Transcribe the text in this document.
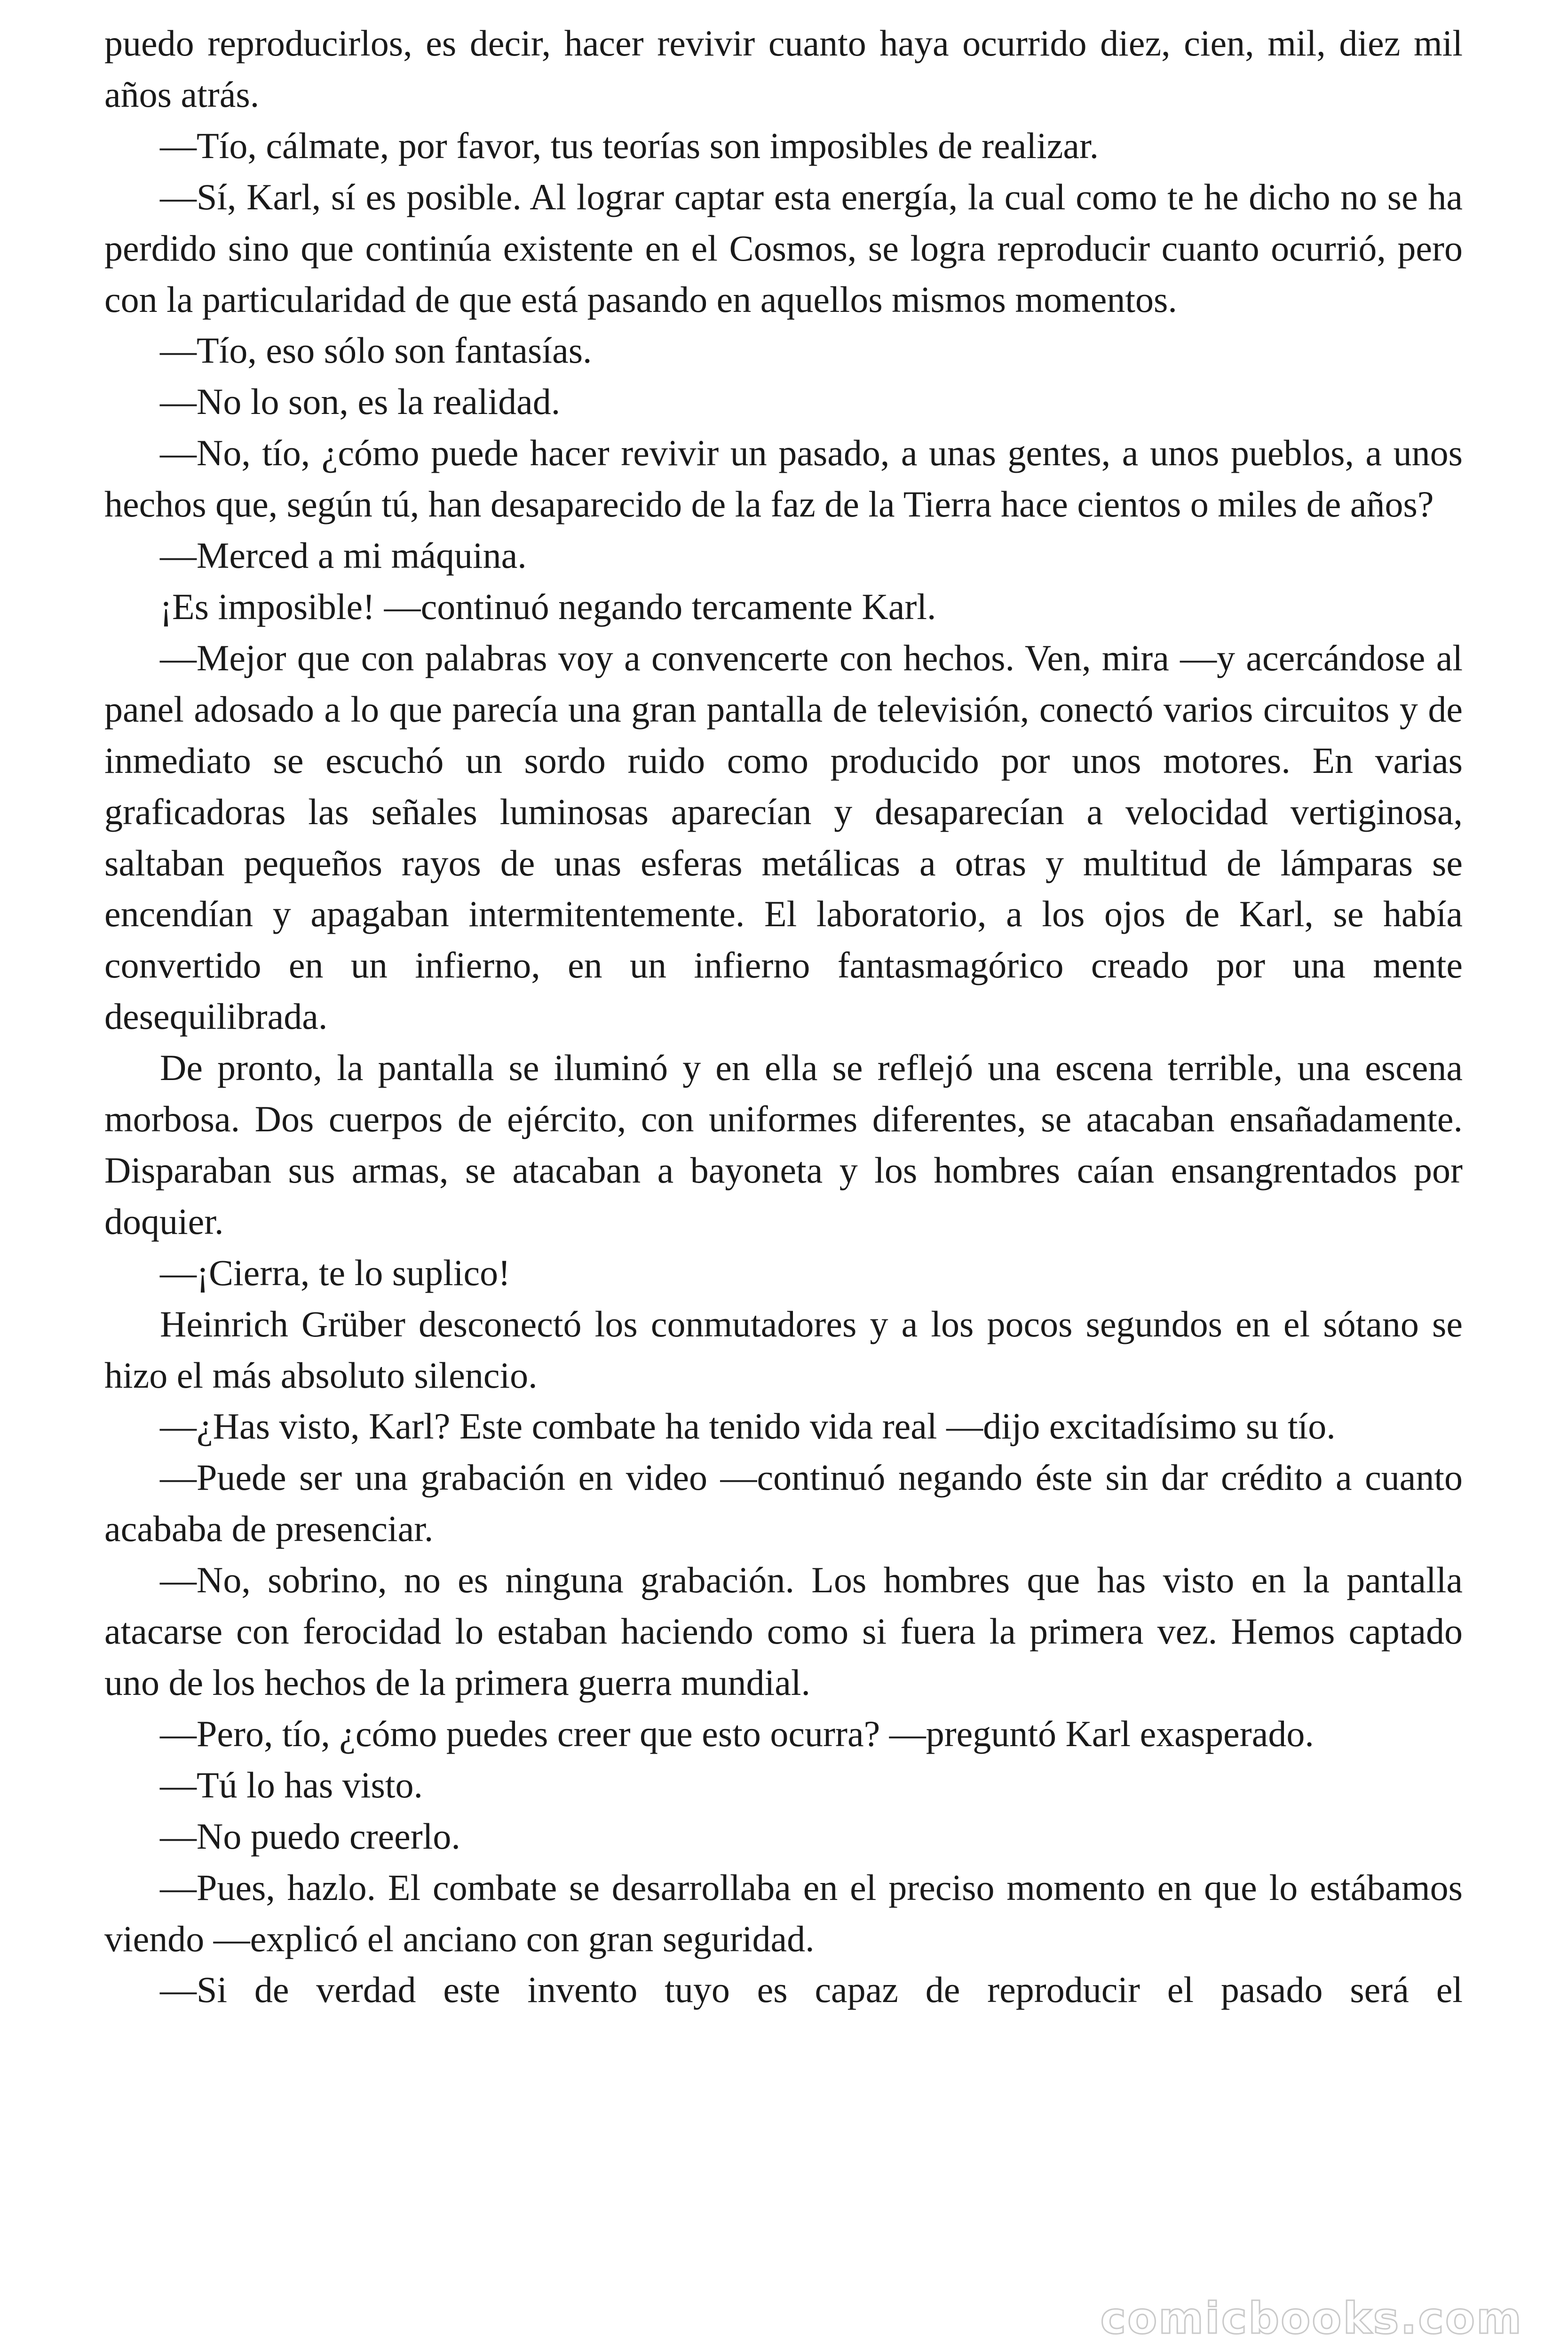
puedo reproducirlos, es decir, hacer revivir cuanto haya ocurrido diez, cien, mil, diez mil años atrás.

—Tío, cálmate, por favor, tus teorías son imposibles de realizar.

—Sí, Karl, sí es posible. Al lograr captar esta energía, la cual como te he dicho no se ha perdido sino que continúa existente en el Cosmos, se logra reproducir cuanto ocurrió, pero con la particularidad de que está pasando en aquellos mismos momentos.

—Tío, eso sólo son fantasías.

—No lo son, es la realidad.

—No, tío, ¿cómo puede hacer revivir un pasado, a unas gentes, a unos pueblos, a unos hechos que, según tú, han desaparecido de la faz de la Tierra hace cientos o miles de años?

—Merced a mi máquina.

¡Es imposible! —continuó negando tercamente Karl.

—Mejor que con palabras voy a convencerte con hechos. Ven, mira —y acercándose al panel adosado a lo que parecía una gran pantalla de televisión, conectó varios circuitos y de inmediato se escuchó un sordo ruido como producido por unos motores. En varias graficadoras las señales luminosas aparecían y desaparecían a velocidad vertiginosa, saltaban pequeños rayos de unas esferas metálicas a otras y multitud de lámparas se encendían y apagaban intermitentemente. El laboratorio, a los ojos de Karl, se había convertido en un infierno, en un infierno fantasmagórico creado por una mente desequilibrada.

De pronto, la pantalla se iluminó y en ella se reflejó una escena terrible, una escena morbosa. Dos cuerpos de ejército, con uniformes diferentes, se atacaban ensañadamente. Disparaban sus armas, se atacaban a bayoneta y los hombres caían ensangrentados por doquier.

—¡Cierra, te lo suplico!

Heinrich Grüber desconectó los conmutadores y a los pocos segundos en el sótano se hizo el más absoluto silencio.

—¿Has visto, Karl? Este combate ha tenido vida real —dijo excitadísimo su tío.

—Puede ser una grabación en video —continuó negando éste sin dar crédito a cuanto acababa de presenciar.

—No, sobrino, no es ninguna grabación. Los hombres que has visto en la pantalla atacarse con ferocidad lo estaban haciendo como si fuera la primera vez. Hemos captado uno de los hechos de la primera guerra mundial.

—Pero, tío, ¿cómo puedes creer que esto ocurra? —preguntó Karl exasperado.

—Tú lo has visto.

—No puedo creerlo.

—Pues, hazlo. El combate se desarrollaba en el preciso momento en que lo estábamos viendo —explicó el anciano con gran seguridad.

—Si de verdad este invento tuyo es capaz de reproducir el pasado será el

comicbooks.com
